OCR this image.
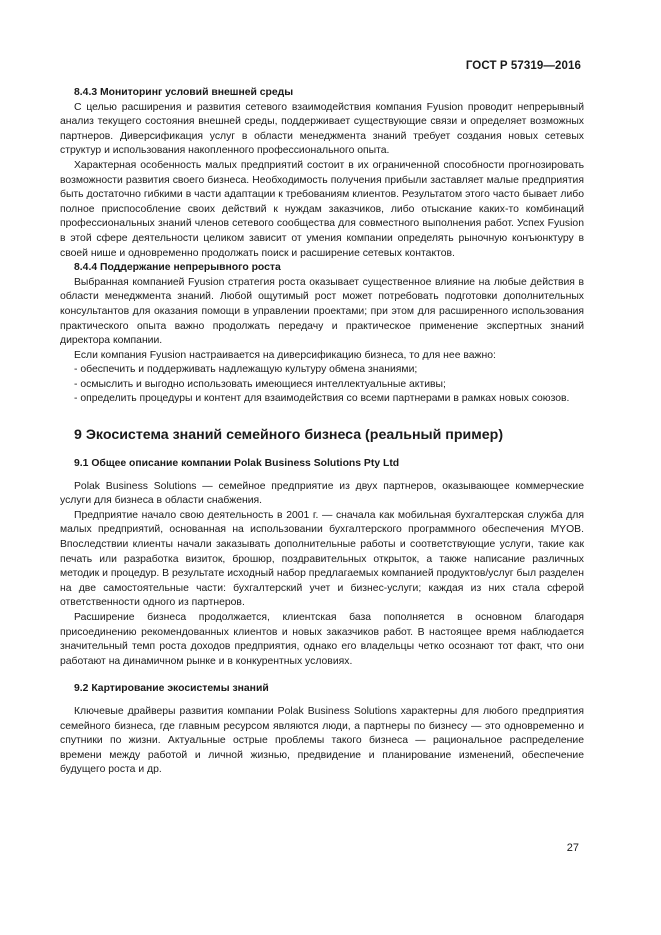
ГОСТ Р 57319—2016
8.4.3 Мониторинг условий внешней среды

С целью расширения и развития сетевого взаимодействия компания Fyusion проводит непрерывный анализ текущего состояния внешней среды, поддерживает существующие связи и определяет возможных партнеров. Диверсификация услуг в области менеджмента знаний требует создания новых сетевых структур и использования накопленного профессионального опыта.

Характерная особенность малых предприятий состоит в их ограниченной способности прогнозировать возможности развития своего бизнеса. Необходимость получения прибыли заставляет малые предприятия быть достаточно гибкими в части адаптации к требованиям клиентов. Результатом этого часто бывает либо полное приспособление своих действий к нуждам заказчиков, либо отыскание каких-то комбинаций профессиональных знаний членов сетевого сообщества для совместного выполнения работ. Успех Fyusion в этой сфере деятельности целиком зависит от умения компании определять рыночную конъюнктуру в своей нише и одновременно продолжать поиск и расширение сетевых контактов.

8.4.4 Поддержание непрерывного роста

Выбранная компанией Fyusion стратегия роста оказывает существенное влияние на любые действия в области менеджмента знаний. Любой ощутимый рост может потребовать подготовки дополнительных консультантов для оказания помощи в управлении проектами; при этом для расширенного использования практического опыта важно продолжать передачу и практическое применение экспертных знаний директора компании.

Если компания Fyusion настраивается на диверсификацию бизнеса, то для нее важно:

- обеспечить и поддерживать надлежащую культуру обмена знаниями;

- осмыслить и выгодно использовать имеющиеся интеллектуальные активы;

- определить процедуры и контент для взаимодействия со всеми партнерами в рамках новых союзов.

9 Экосистема знаний семейного бизнеса (реальный пример)
9.1 Общее описание компании Polak Business Solutions Pty Ltd

Polak Business Solutions — семейное предприятие из двух партнеров, оказывающее коммерческие услуги для бизнеса в области снабжения.

Предприятие начало свою деятельность в 2001 г. — сначала как мобильная бухгалтерская служба для малых предприятий, основанная на использовании бухгалтерского программного обеспечения MYOB. Впоследствии клиенты начали заказывать дополнительные работы и соответствующие услуги, такие как печать или разработка визиток, брошюр, поздравительных открыток, а также написание различных методик и процедур. В результате исходный набор предлагаемых компанией продуктов/услуг был разделен на две самостоятельные части: бухгалтерский учет и бизнес-услуги; каждая из них стала сферой ответственности одного из партнеров.

Расширение бизнеса продолжается, клиентская база пополняется в основном благодаря присоединению рекомендованных клиентов и новых заказчиков работ. В настоящее время наблюдается значительный темп роста доходов предприятия, однако его владельцы четко осознают тот факт, что они работают на динамичном рынке и в конкурентных условиях.

9.2 Картирование экосистемы знаний

Ключевые драйверы развития компании Polak Business Solutions характерны для любого предприятия семейного бизнеса, где главным ресурсом являются люди, а партнеры по бизнесу — это одновременно и спутники по жизни. Актуальные острые проблемы такого бизнеса — рациональное распределение времени между работой и личной жизнью, предвидение и планирование изменений, обеспечение будущего роста и др.

27
